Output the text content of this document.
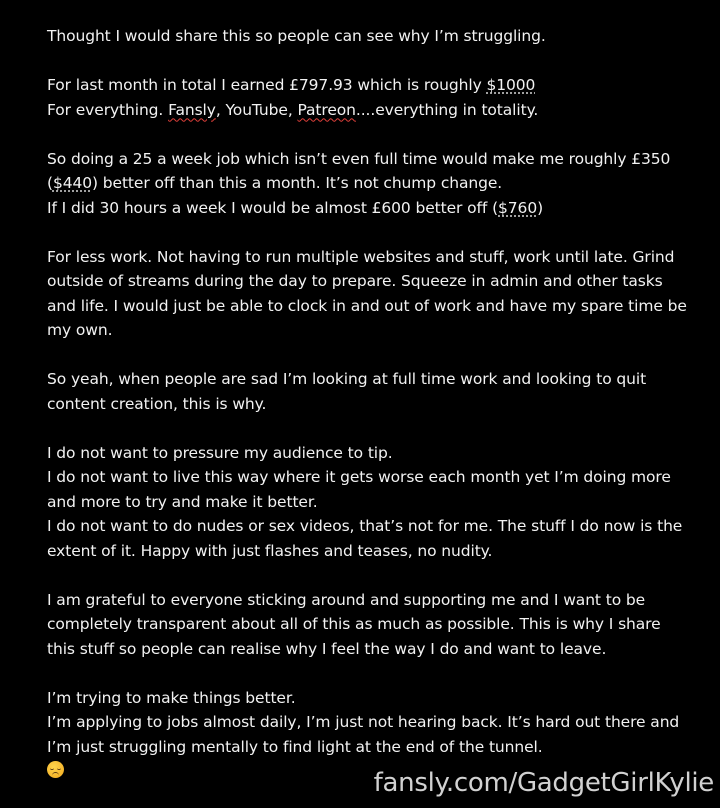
Thought I would share this so people can see why I’m struggling.
For last month in total I earned £797.93 which is roughly $1000
For everything. Fansly, YouTube, Patreon....everything in totality.
So doing a 25 a week job which isn’t even full time would make me roughly £350
($440) better off than this a month. It’s not chump change.
If I did 30 hours a week I would be almost £600 better off ($760)
For less work. Not having to run multiple websites and stuff, work until late. Grind
outside of streams during the day to prepare. Squeeze in admin and other tasks
and life. I would just be able to clock in and out of work and have my spare time be
my own.
So yeah, when people are sad I’m looking at full time work and looking to quit
content creation, this is why.
I do not want to pressure my audience to tip.
I do not want to live this way where it gets worse each month yet I’m doing more
and more to try and make it better.
I do not want to do nudes or sex videos, that’s not for me. The stuff I do now is the
extent of it. Happy with just flashes and teases, no nudity.
I am grateful to everyone sticking around and supporting me and I want to be
completely transparent about all of this as much as possible. This is why I share
this stuff so people can realise why I feel the way I do and want to leave.
I’m trying to make things better.
I’m applying to jobs almost daily, I’m just not hearing back. It’s hard out there and
I’m just struggling mentally to find light at the end of the tunnel.
fansly.com/GadgetGirlKylie
